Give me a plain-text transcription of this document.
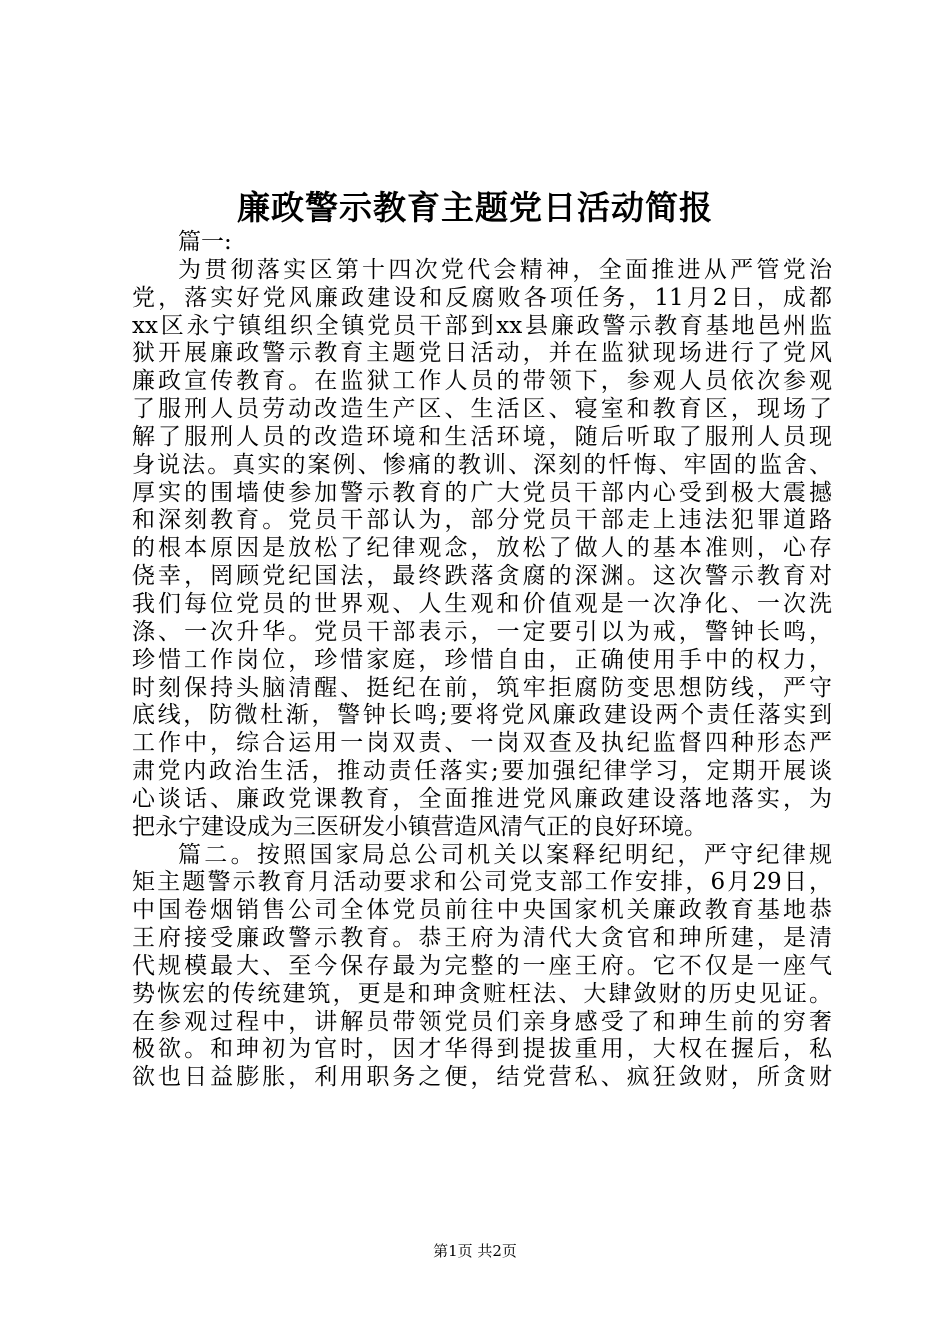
廉政警示教育主题党日活动简报
篇一:
为贯彻落实区第十四次党代会精神，全面推进从严管党治
党，落实好党风廉政建设和反腐败各项任务，11月2日，成都
xx区永宁镇组织全镇党员干部到xx县廉政警示教育基地邑州监
狱开展廉政警示教育主题党日活动，并在监狱现场进行了党风
廉政宣传教育。在监狱工作人员的带领下，参观人员依次参观
了服刑人员劳动改造生产区、生活区、寝室和教育区，现场了
解了服刑人员的改造环境和生活环境，随后听取了服刑人员现
身说法。真实的案例、惨痛的教训、深刻的忏悔、牢固的监舍、
厚实的围墙使参加警示教育的广大党员干部内心受到极大震撼
和深刻教育。党员干部认为，部分党员干部走上违法犯罪道路
的根本原因是放松了纪律观念，放松了做人的基本准则，心存
侥幸，罔顾党纪国法，最终跌落贪腐的深渊。这次警示教育对
我们每位党员的世界观、人生观和价值观是一次净化、一次洗
涤、一次升华。党员干部表示，一定要引以为戒，警钟长鸣，
珍惜工作岗位，珍惜家庭，珍惜自由，正确使用手中的权力，
时刻保持头脑清醒、挺纪在前，筑牢拒腐防变思想防线，严守
底线，防微杜渐，警钟长鸣;要将党风廉政建设两个责任落实到
工作中，综合运用一岗双责、一岗双查及执纪监督四种形态严
肃党内政治生活，推动责任落实;要加强纪律学习，定期开展谈
心谈话、廉政党课教育，全面推进党风廉政建设落地落实，为
把永宁建设成为三医研发小镇营造风清气正的良好环境。
篇二。按照国家局总公司机关以案释纪明纪，严守纪律规
矩主题警示教育月活动要求和公司党支部工作安排，6月29日，
中国卷烟销售公司全体党员前往中央国家机关廉政教育基地恭
王府接受廉政警示教育。恭王府为清代大贪官和珅所建，是清
代规模最大、至今保存最为完整的一座王府。它不仅是一座气
势恢宏的传统建筑，更是和珅贪赃枉法、大肆敛财的历史见证。
在参观过程中，讲解员带领党员们亲身感受了和珅生前的穷奢
极欲。和珅初为官时，因才华得到提拔重用，大权在握后，私
欲也日益膨胀，利用职务之便，结党营私、疯狂敛财，所贪财
第1页 共2页
